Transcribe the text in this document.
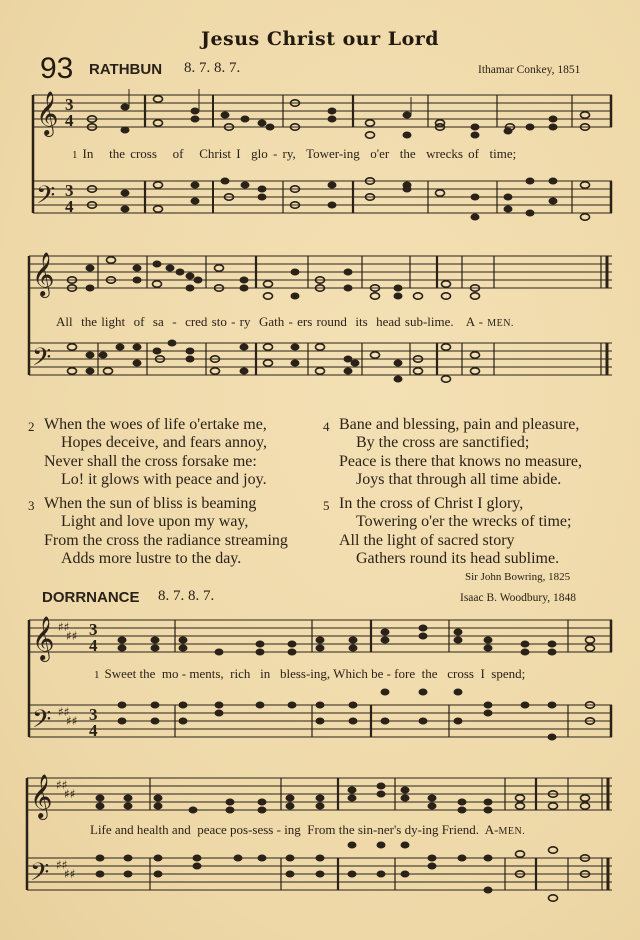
Jesus Christ our Lord
93 RATHBUN 8. 7. 8. 7.	Ithamar Conkey, 1851
𝄞
𝄢
3
4
3
4
1 In   the cross   of   Christ I  glo - ry,  Tower-ing  o'er  the  wrecks of  time;
𝄞
𝄢
All  the light  of  sa  -  cred sto - ry  Gath - ers round  its  head sub-lime.   A - MEN.
2 When the woes of life o'ertake me,
Hopes deceive, and fears annoy,
Never shall the cross forsake me:
Lo! it glows with peace and joy.
3 When the sun of bliss is beaming
Light and love upon my way,
From the cross the radiance streaming
Adds more lustre to the day.
4 Bane and blessing, pain and pleasure,
By the cross are sanctified;
Peace is there that knows no measure,
Joys that through all time abide.
5 In the cross of Christ I glory,
Towering o'er the wrecks of time;
All the light of sacred story
Gathers round its head sublime.
Sir John Bowring, 1825
DORRNANCE 8. 7. 8. 7.	Isaac B. Woodbury, 1848
𝄞
𝄢
♯♯
♯♯
♯♯
♯♯
3
4
3
4
1 Sweet the  mo - ments,  rich   in   bless-ing, Which be - fore  the   cross  I  spend;
𝄞
𝄢
♯♯
♯♯
♯♯
♯♯
Life and health and  peace pos-sess - ing  From the sin-ner's dy-ing Friend.  A-MEN.
